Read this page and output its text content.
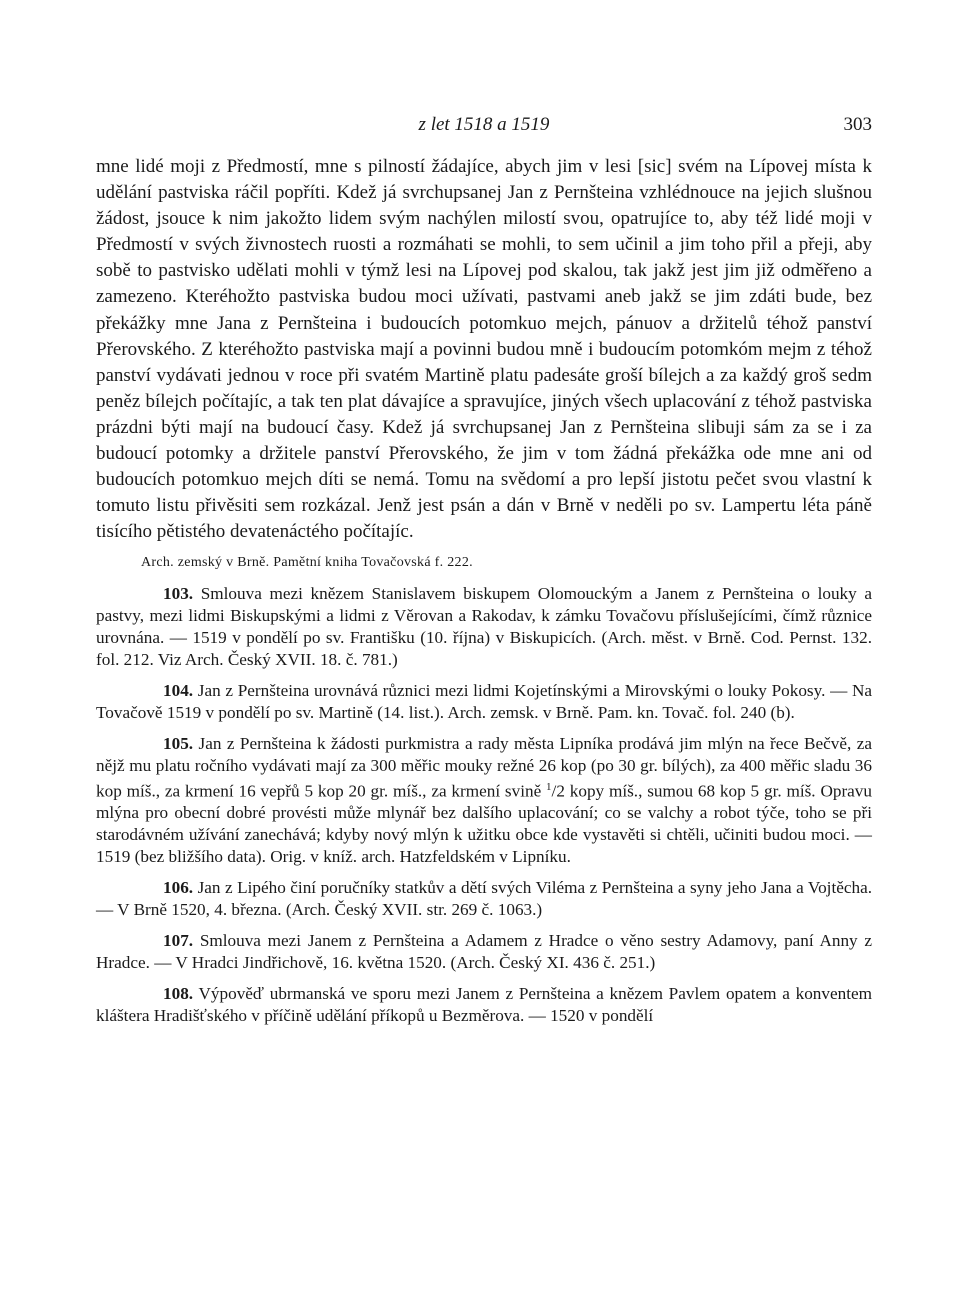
z let 1518 a 1519	303

mne lidé moji z Předmostí, mne s pilností žádajíce, abych jim v lesi [sic] svém na Lípovej místa k udělání pastviska ráčil popříti. Kdež já svrchupsanej Jan z Pernšteina vzhlédnouce na jejich slušnou žádost, jsouce k nim jakožto lidem svým nachýlen milostí svou, opatrujíce to, aby též lidé moji v Předmostí v svých živnostech ruosti a rozmáhati se mohli, to sem učinil a jim toho přil a přeji, aby sobě to pastvisko udělati mohli v týmž lesi na Lípovej pod skalou, tak jakž jest jim již odměřeno a zamezeno. Kteréhožto pastviska budou moci užívati, pastvami aneb jakž se jim zdáti bude, bez překážky mne Jana z Pernšteina i budoucích potomkuo mejch, pánuov a držitelů téhož panství Přerovského. Z kteréhožto pastviska mají a povinni budou mně i budoucím potomkóm mejm z téhož panství vydávati jednou v roce při svatém Martině platu padesáte groší bílejch a za každý groš sedm peněz bílejch počítajíc, a tak ten plat dávajíce a spravujíce, jiných všech uplacování z téhož pastviska prázdni býti mají na budoucí časy. Kdež já svrchupsanej Jan z Pernšteina slibuji sám za se i za budoucí potomky a držitele panství Přerovského, že jim v tom žádná překážka ode mne ani od budoucích potomkuo mejch díti se nemá. Tomu na svědomí a pro lepší jistotu pečet svou vlastní k tomuto listu přivěsiti sem rozkázal. Jenž jest psán a dán v Brně v neděli po sv. Lampertu léta páně tisícího pětistého devatenáctého počítajíc.

Arch. zemský v Brně. Pamětní kniha Tovačovská f. 222.

103. Smlouva mezi knězem Stanislavem biskupem Olomouckým a Janem z Pernšteina o louky a pastvy, mezi lidmi Biskupskými a lidmi z Věrovan a Rakodav, k zámku Tovačovu příslušejícími, čímž různice urovnána. — 1519 v pondělí po sv. Františku (10. října) v Biskupicích. (Arch. měst. v Brně. Cod. Pernst. 132. fol. 212. Viz Arch. Český XVII. 18. č. 781.)

104. Jan z Pernšteina urovnává různici mezi lidmi Kojetínskými a Mirovskými o louky Pokosy. — Na Tovačově 1519 v pondělí po sv. Martině (14. list.). Arch. zemsk. v Brně. Pam. kn. Tovač. fol. 240 (b).

105. Jan z Pernšteina k žádosti purkmistra a rady města Lipníka prodává jim mlýn na řece Bečvě, za nějž mu platu ročního vydávati mají za 300 měřic mouky režné 26 kop (po 30 gr. bílých), za 400 měřic sladu 36 kop míš., za krmení 16 vepřů 5 kop 20 gr. míš., za krmení svině $^1$/2 kopy míš., sumou 68 kop 5 gr. míš. Opravu mlýna pro obecní dobré provésti může mlynář bez dalšího uplacování; co se valchy a robot týče, toho se při starodávném užívání zanechává; kdyby nový mlýn k užitku obce kde vystavěti si chtěli, učiniti budou moci. — 1519 (bez bližšího data). Orig. v kníž. arch. Hatzfeldském v Lipníku.

106. Jan z Lipého činí poručníky statkův a dětí svých Viléma z Pernšteina a syny jeho Jana a Vojtěcha. — V Brně 1520, 4. března. (Arch. Český XVII. str. 269 č. 1063.)

107. Smlouva mezi Janem z Pernšteina a Adamem z Hradce o věno sestry Adamovy, paní Anny z Hradce. — V Hradci Jindřichově, 16. května 1520. (Arch. Český XI. 436 č. 251.)

108. Výpověď ubrmanská ve sporu mezi Janem z Pernšteina a knězem Pavlem opatem a konventem kláštera Hradišťského v příčině udělání příkopů u Bezměrova. — 1520 v pondělí
